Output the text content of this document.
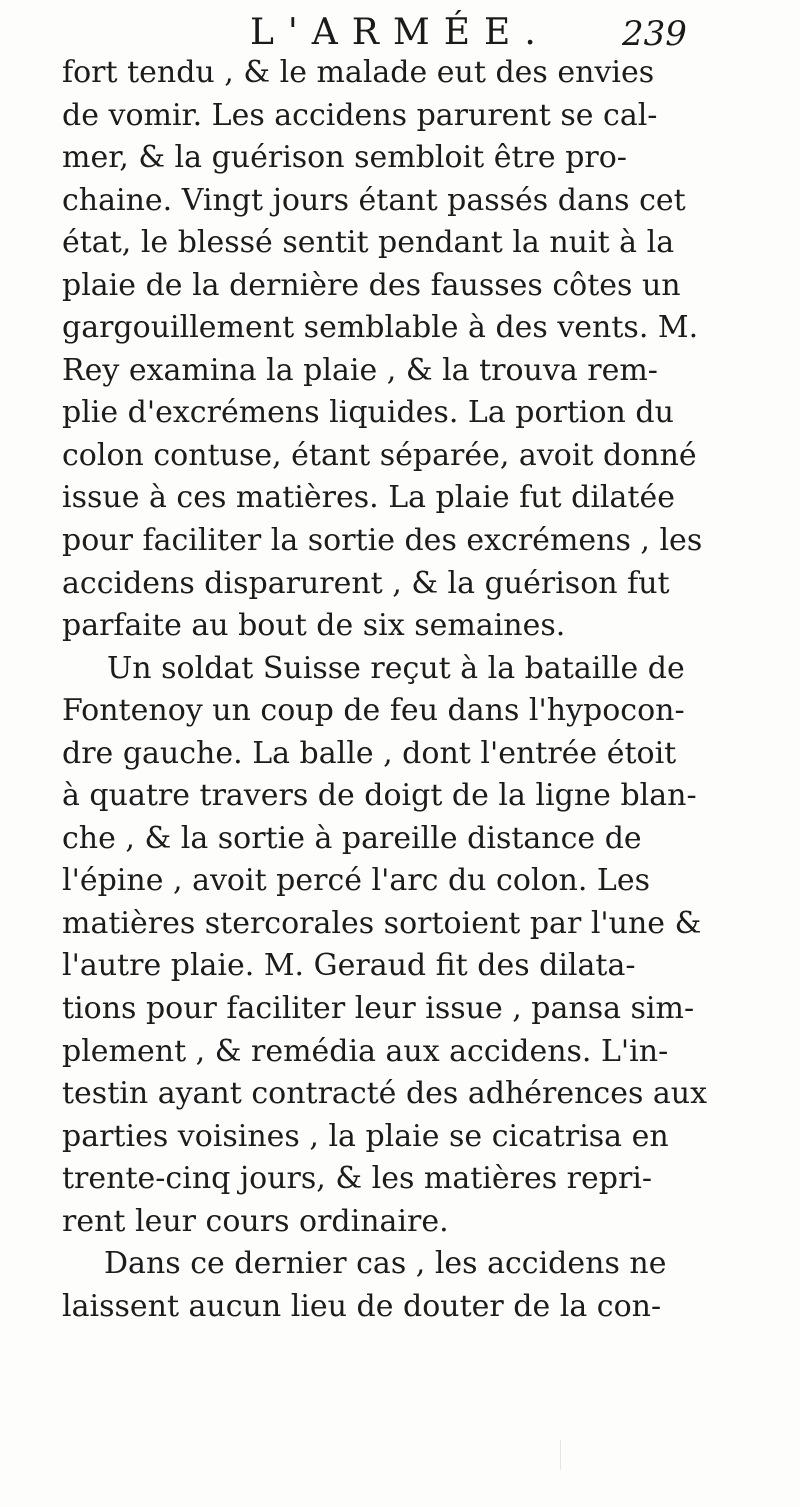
L'ARMÉE. 239
fort tendu , & le malade eut des envies
de vomir. Les accidens parurent se cal-
mer, & la guérison sembloit être pro-
chaine. Vingt jours étant passés dans cet
état, le blessé sentit pendant la nuit à la
plaie de la dernière des fausses côtes un
gargouillement semblable à des vents. M.
Rey examina la plaie , & la trouva rem-
plie d'excrémens liquides. La portion du
colon contuse, étant séparée, avoit donné
issue à ces matières. La plaie fut dilatée
pour faciliter la sortie des excrémens , les
accidens disparurent , & la guérison fut
parfaite au bout de six semaines.
Un soldat Suisse reçut à la bataille de
Fontenoy un coup de feu dans l'hypocon-
dre gauche. La balle , dont l'entrée étoit
à quatre travers de doigt de la ligne blan-
che , & la sortie à pareille distance de
l'épine , avoit percé l'arc du colon. Les
matières stercorales sortoient par l'une &
l'autre plaie. M. Geraud fit des dilata-
tions pour faciliter leur issue , pansa sim-
plement , & remédia aux accidens. L'in-
testin ayant contracté des adhérences aux
parties voisines , la plaie se cicatrisa en
trente-cinq jours, & les matières repri-
rent leur cours ordinaire.
Dans ce dernier cas , les accidens ne
laissent aucun lieu de douter de la con-
